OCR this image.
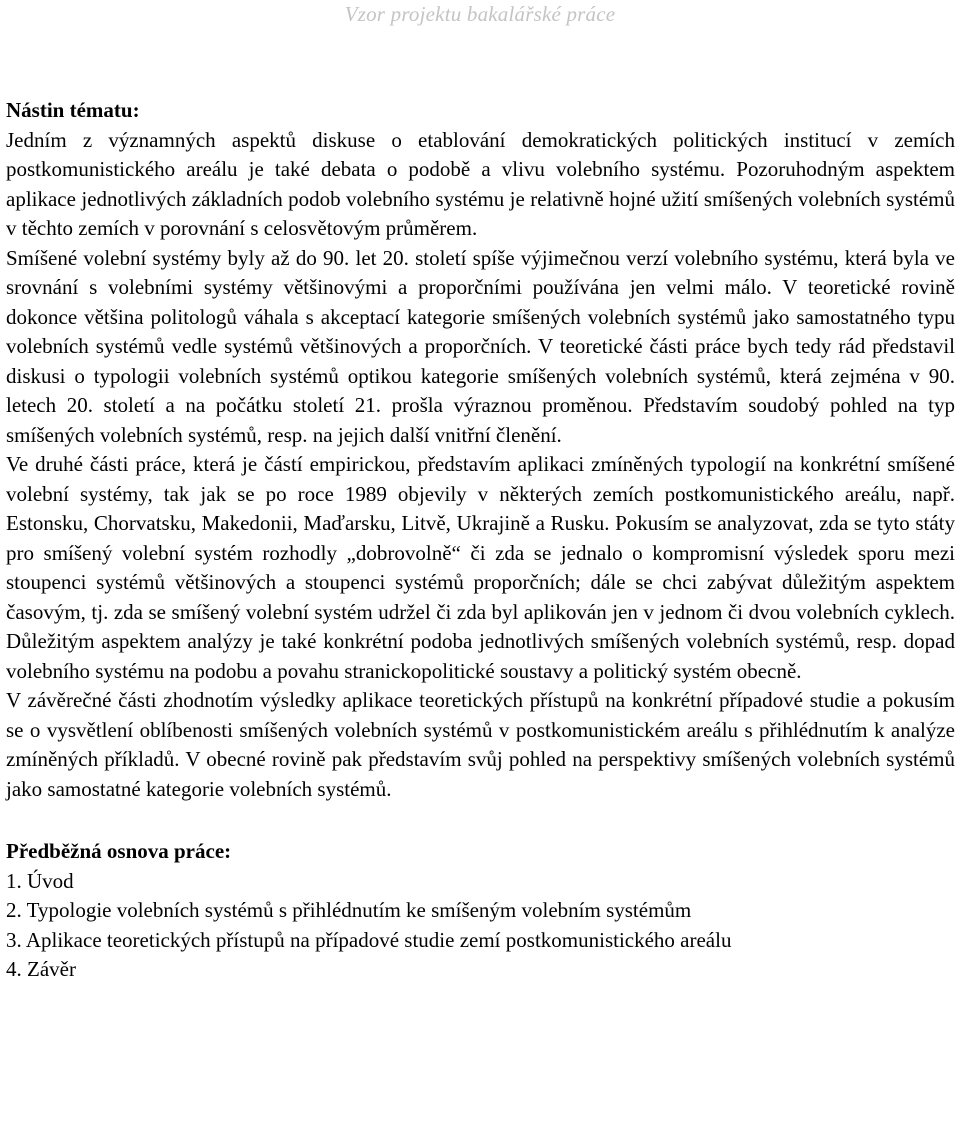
Vzor projektu bakalářské práce
Nástin tématu:

Jedním z významných aspektů diskuse o etablování demokratických politických institucí v zemích postkomunistického areálu je také debata o podobě a vlivu volebního systému. Pozoruhodným aspektem aplikace jednotlivých základních podob volebního systému je relativně hojné užití smíšených volebních systémů v těchto zemích v porovnání s celosvětovým průměrem.

Smíšené volební systémy byly až do 90. let 20. století spíše výjimečnou verzí volebního systému, která byla ve srovnání s volebními systémy většinovými a proporčními používána jen velmi málo. V teoretické rovině dokonce většina politologů váhala s akceptací kategorie smíšených volebních systémů jako samostatného typu volebních systémů vedle systémů většinových a proporčních. V teoretické části práce bych tedy rád představil diskusi o typologii volebních systémů optikou kategorie smíšených volebních systémů, která zejména v 90. letech 20. století a na počátku století 21. prošla výraznou proměnou. Představím soudobý pohled na typ smíšených volebních systémů, resp. na jejich další vnitřní členění.

Ve druhé části práce, která je částí empirickou, představím aplikaci zmíněných typologií na konkrétní smíšené volební systémy, tak jak se po roce 1989 objevily v některých zemích postkomunistického areálu, např. Estonsku, Chorvatsku, Makedonii, Maďarsku, Litvě, Ukrajině a Rusku. Pokusím se analyzovat, zda se tyto státy pro smíšený volební systém rozhodly „dobrovolně“ či zda se jednalo o kompromisní výsledek sporu mezi stoupenci systémů většinových a stoupenci systémů proporčních; dále se chci zabývat důležitým aspektem časovým, tj. zda se smíšený volební systém udržel či zda byl aplikován jen v jednom či dvou volebních cyklech. Důležitým aspektem analýzy je také konkrétní podoba jednotlivých smíšených volebních systémů, resp. dopad volebního systému na podobu a povahu stranickopolitické soustavy a politický systém obecně.

V závěrečné části zhodnotím výsledky aplikace teoretických přístupů na konkrétní případové studie a pokusím se o vysvětlení oblíbenosti smíšených volebních systémů v postkomunistickém areálu s přihlédnutím k analýze zmíněných příkladů. V obecné rovině pak představím svůj pohled na perspektivy smíšených volebních systémů jako samostatné kategorie volebních systémů.

Předběžná osnova práce:
1. Úvod
2. Typologie volebních systémů s přihlédnutím ke smíšeným volebním systémům
3. Aplikace teoretických přístupů na případové studie zemí postkomunistického areálu
4. Závěr
